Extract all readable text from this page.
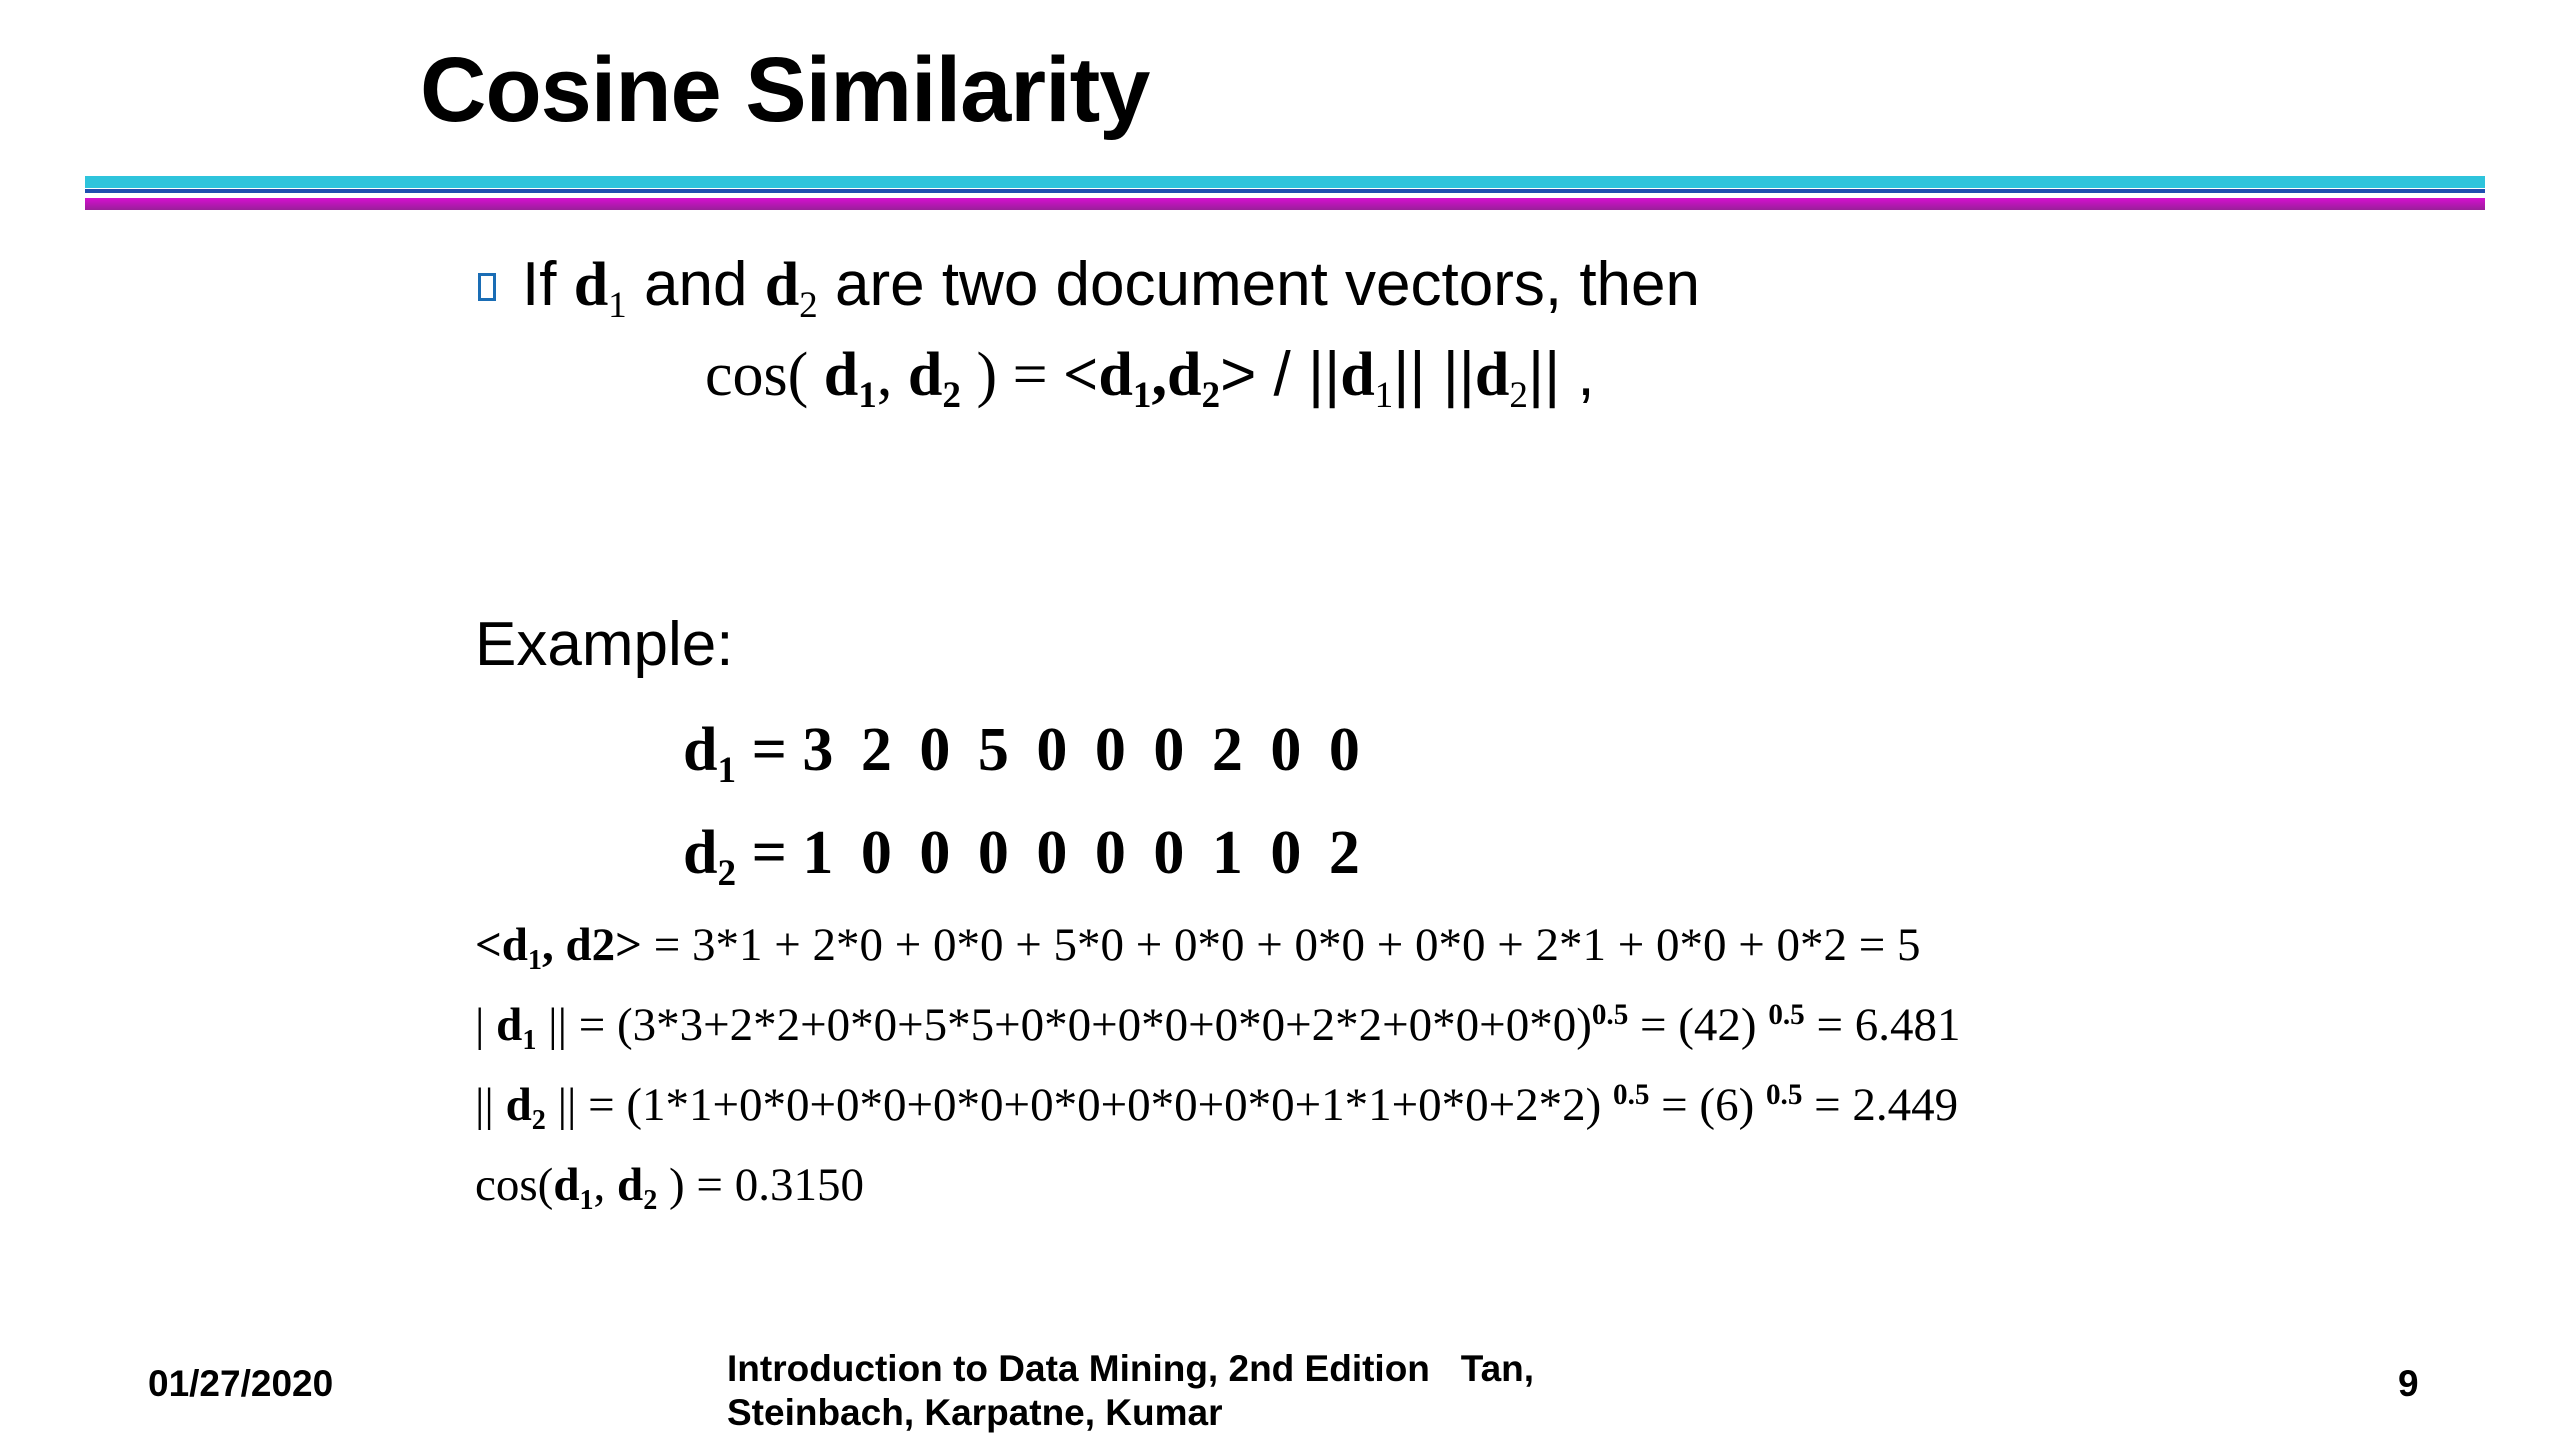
Cosine Similarity
If $d_1$ and $d_2$ are two document vectors, then
cos( $d_1$, $d_2$ ) = $<d_1,d_2> / ||d_1||$ $||d_2||$ ,
Example:
$d_1 = 3$ 2 0 5 0 0 0 2 0 0
$d_2 = 1$ 0 0 0 0 0 0 1 0 2
$<d_1$, d2> = 3*1 + 2*0 + 0*0 + 5*0 + 0*0 + 0*0 + 0*0 + 2*1 + 0*0 + 0*2 = 5
| $d_1$ || = $(3*3+2*2+0*0+5*5+0*0+0*0+0*0+2*2+0*0+0*0)^{0.5} = (42) ^{0.5} = 6.481$
|| $d_2$ || = (1*1+0*0+0*0+0*0+0*0+0*0+0*0+1*1+0*0+2*2) $^{0.5}$ = (6) $^{0.5}$ = 2.449
$\cos(d_1$, $d_2$ ) = 0.3150
01/27/2020	Introduction to Data Mining, 2nd Edition   Tan,
Steinbach, Karpatne, Kumar
9
